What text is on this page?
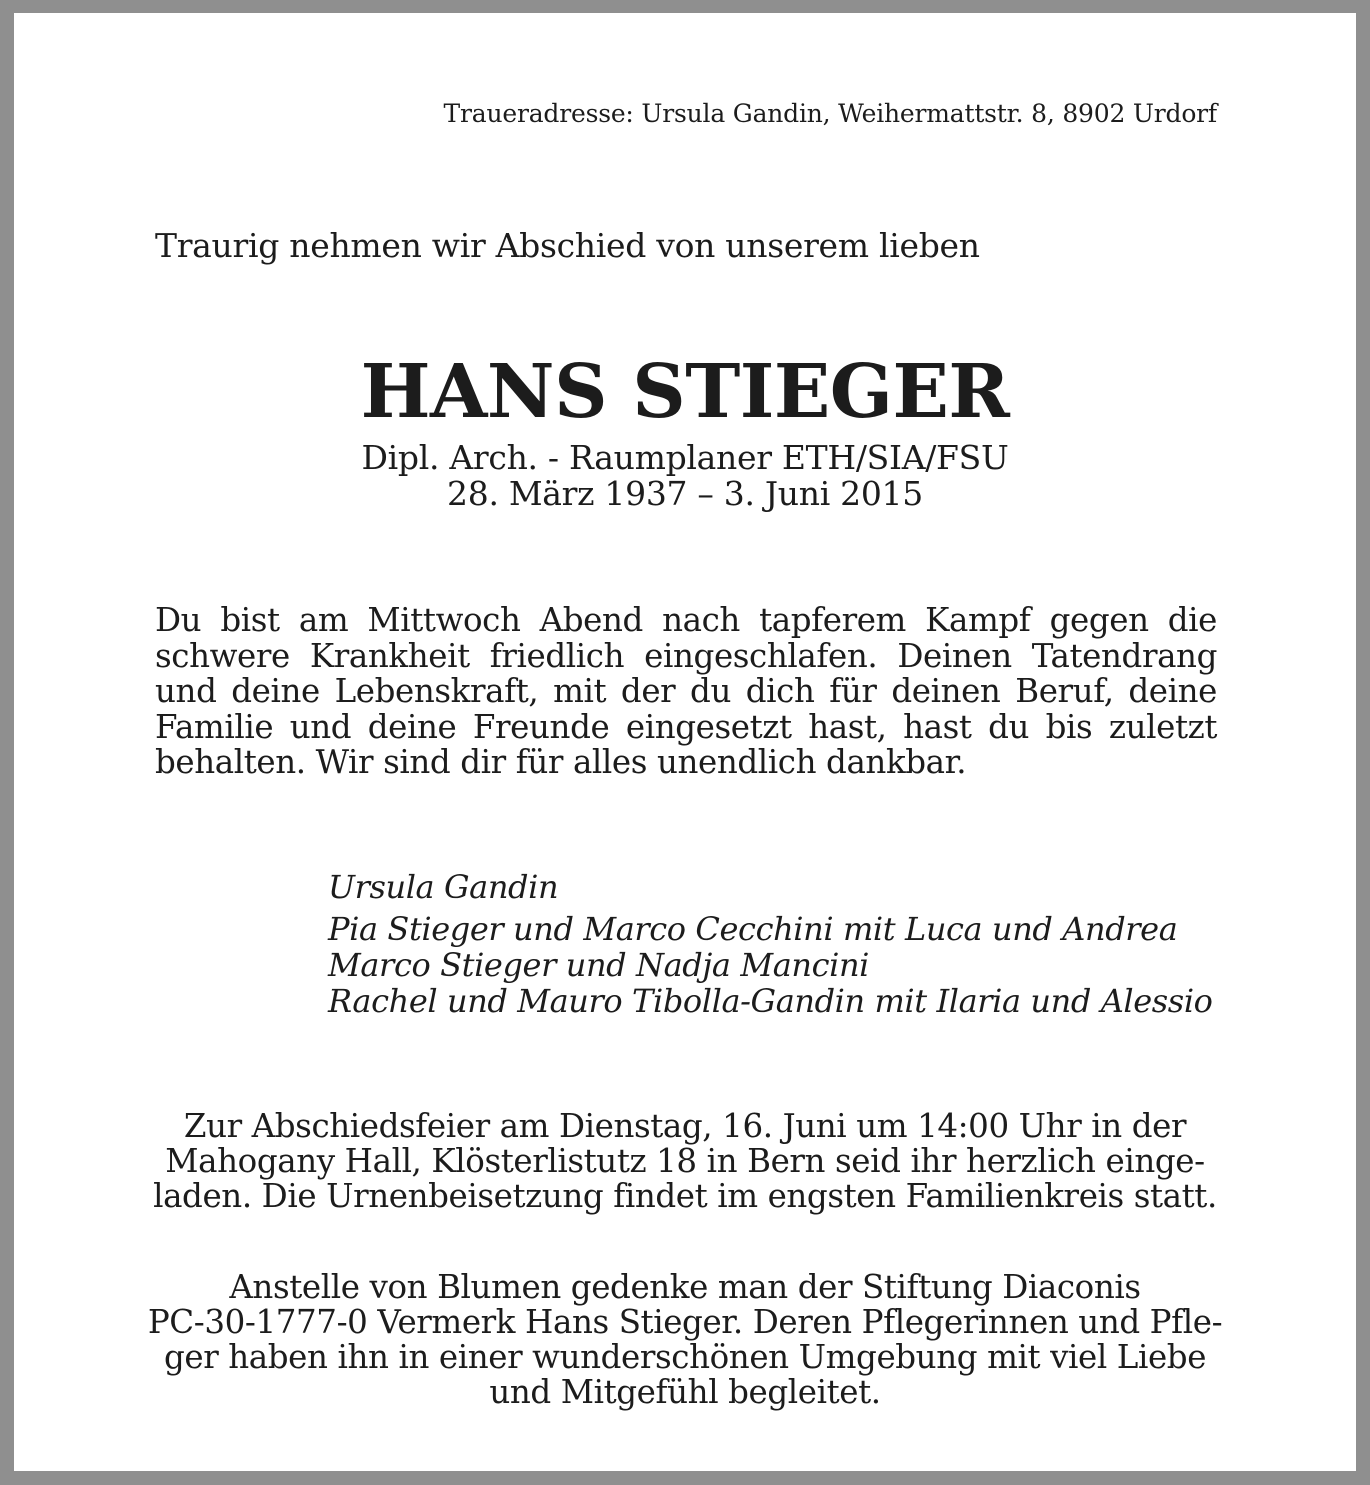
Traueradresse: Ursula Gandin, Weihermattstr. 8, 8902 Urdorf

Traurig nehmen wir Abschied von unserem lieben

HANS STIEGER

Dipl. Arch. - Raumplaner ETH/SIA/FSU

28. März 1937 – 3. Juni 2015

Du bist am Mittwoch Abend nach tapferem Kampf gegen die schwere Krankheit friedlich eingeschlafen. Deinen Tatendrang und deine Lebenskraft, mit der du dich für deinen Beruf, deine Familie und deine Freunde eingesetzt hast, hast du bis zuletzt behalten. Wir sind dir für alles unendlich dankbar.

Ursula Gandin
Pia Stieger und Marco Cecchini mit Luca und Andrea
Marco Stieger und Nadja Mancini
Rachel und Mauro Tibolla-Gandin mit Ilaria und Alessio
Zur Abschiedsfeier am Dienstag, 16. Juni um 14:00 Uhr in der
Mahogany Hall, Klösterlistutz 18 in Bern seid ihr herzlich einge-
laden. Die Urnenbeisetzung findet im engsten Familienkreis statt.
Anstelle von Blumen gedenke man der Stiftung Diaconis
PC-30-1777-0 Vermerk Hans Stieger. Deren Pflegerinnen und Pfle-
ger haben ihn in einer wunderschönen Umgebung mit viel Liebe
und Mitgefühl begleitet.
